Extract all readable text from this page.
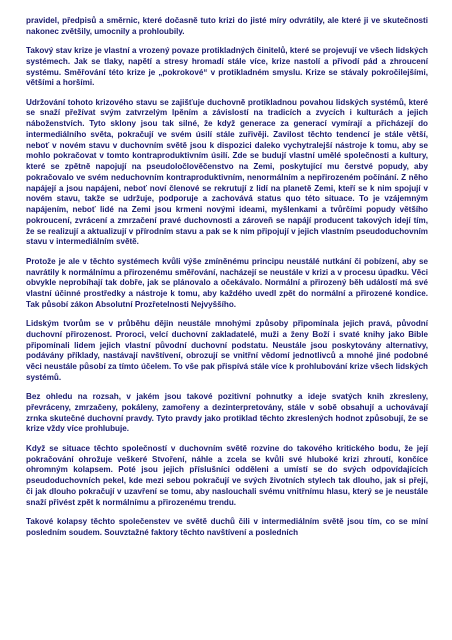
pravidel, předpisů a směrnic, které dočasně tuto krizi do jisté míry odvrátily, ale které ji ve skutečnosti nakonec zvětšily, umocnily a prohloubily.

Takový stav krize je vlastní a vrozený povaze protikladných činitelů, které se projevují ve všech lidských systémech. Jak se tlaky, napětí a stresy hromadí stále více, krize nastolí a přivodí pád a zhroucení systému. Směřování této krize je „pokrokové“ v protikladném smyslu. Krize se stávaly pokročilejšími, většími a horšími.

Udržování tohoto krizového stavu se zajišťuje duchovně protikladnou povahou lidských systémů, které se snaží přežívat svým zatvrzelým lpěním a závislostí na tradicích a zvycích i kulturách a jejich náboženstvích. Tyto sklony jsou tak silné, že když generace za generací vymírají a přicházejí do intermediálního světa, pokračují ve svém úsilí stále zuřivěji. Zavilost těchto tendencí je stále větší, neboť v novém stavu v duchovním světě jsou k dispozici daleko vychytralejší nástroje k tomu, aby se mohlo pokračovat v tomto kontraproduktivním úsilí. Zde se budují vlastní umělé společnosti a kultury, které se zpětně napojují na pseudoločlověčenstvo na Zemi, poskytující mu čerstvé popudy, aby pokračovalo ve svém neduchovním kontraproduktivním, nenormálním a nepřirozeném počínání. Z něho napájejí a jsou napájeni, neboť noví členové se rekrutují z lidí na planetě Zemi, kteří se k nim spojují v novém stavu, takže se udržuje, podporuje a zachovává status quo této situace. To je vzájemným napájením, neboť lidé na Zemi jsou krmeni novými ideami, myšlenkami a tvůrčími popudy většího pokroucení, zvrácení a zmrzačení pravé duchovnosti a zároveň se napájí producent takových idejí tím, že se realizují a aktualizují v přírodním stavu a pak se k nim připojují v jejich vlastním pseudoduchovním stavu v intermediálním světě.

Protože je ale v těchto systémech kvůli výše zmíněnému principu neustálé nutkání či pobízení, aby se navrátily k normálnímu a přirozenému směřování, nacházejí se neustále v krizi a v procesu úpadku. Věci obvykle neprobíhají tak dobře, jak se plánovalo a očekávalo. Normální a přirozený běh událostí má své vlastní účinné prostředky a nástroje k tomu, aby každého uvedl zpět do normální a přirozené kondice. Tak působí zákon Absolutní Prozřetelnosti Nejvyššího.

Lidským tvorům se v průběhu dějin neustále mnohými způsoby připomínala jejich pravá, původní duchovní přirozenost. Proroci, velcí duchovní zakladatelé, muži a ženy Boží i svaté knihy jako Bible připomínali lidem jejich vlastní původní duchovní podstatu. Neustále jsou poskytovány alternativy, podávány příklady, nastávají navštívení, obrozují se vnitřní vědomí jednotlivců a mnohé jiné podobné věci neustále působí za tímto účelem. To vše pak přispívá stále více k prohlubování krize všech lidských systémů.

Bez ohledu na rozsah, v jakém jsou takové pozitivní pohnutky a ideje svatých knih zkresleny, převráceny, zmrzačeny, pokáleny, zamořeny a dezinterpretovány, stále v sobě obsahují a uchovávají zrnka skutečné duchovní pravdy. Tyto pravdy jako protiklad těchto zkreslených hodnot způsobují, že se krize vždy více prohlubuje.

Když se situace těchto společností v duchovním světě rozvine do takového kritického bodu, že její pokračování ohrožuje veškeré Stvoření, náhle a zcela se kvůli své hluboké krizi zhroutí, končíce ohromným kolapsem. Poté jsou jejich příslušníci odděleni a umístí se do svých odpovídajících pseudoduchovních pekel, kde mezi sebou pokračují ve svých životních stylech tak dlouho, jak si přejí, či jak dlouho pokračují v uzavření se tomu, aby naslouchali svému vnitřnímu hlasu, který se je neustále snaží přivést zpět k normálnímu a přirozenému trendu.

Takové kolapsy těchto společenstev ve světě duchů čili v intermediálním světě jsou tím, co se míní posledním soudem. Souvztažné faktory těchto navštívení a posledních
